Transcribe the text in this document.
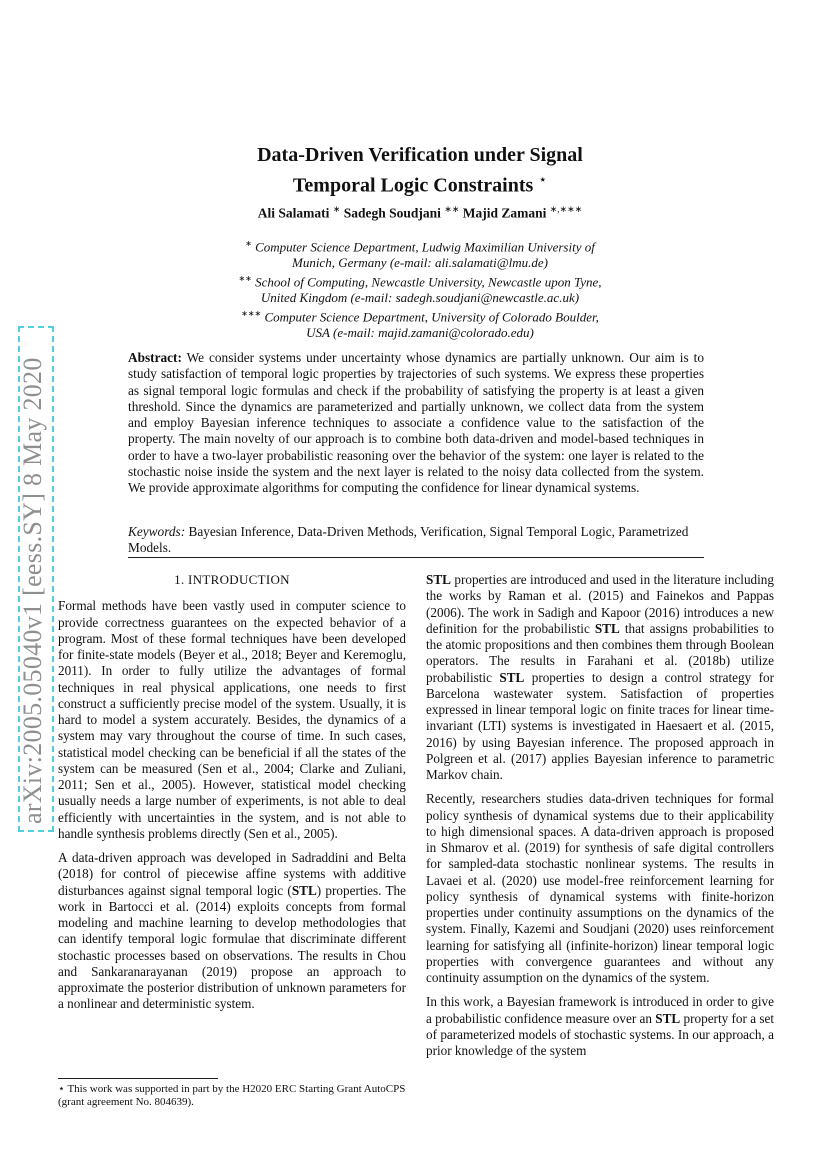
arXiv:2005.05040v1 [eess.SY] 8 May 2020
Data-Driven Verification under Signal
Temporal Logic Constraints ⋆
Ali Salamati ∗ Sadegh Soudjani ∗∗ Majid Zamani ∗,∗∗∗
∗ Computer Science Department, Ludwig Maximilian University of
Munich, Germany (e-mail: ali.salamati@lmu.de)
∗∗ School of Computing, Newcastle University, Newcastle upon Tyne,
United Kingdom (e-mail: sadegh.soudjani@newcastle.ac.uk)
∗∗∗ Computer Science Department, University of Colorado Boulder,
USA (e-mail: majid.zamani@colorado.edu)
Abstract: We consider systems under uncertainty whose dynamics are partially unknown. Our aim is to study satisfaction of temporal logic properties by trajectories of such systems. We express these properties as signal temporal logic formulas and check if the probability of satisfying the property is at least a given threshold. Since the dynamics are parameterized and partially unknown, we collect data from the system and employ Bayesian inference techniques to associate a confidence value to the satisfaction of the property. The main novelty of our approach is to combine both data-driven and model-based techniques in order to have a two-layer probabilistic reasoning over the behavior of the system: one layer is related to the stochastic noise inside the system and the next layer is related to the noisy data collected from the system. We provide approximate algorithms for computing the confidence for linear dynamical systems.
Keywords: Bayesian Inference, Data-Driven Methods, Verification, Signal Temporal Logic, Parametrized Models.
1. INTRODUCTION

Formal methods have been vastly used in computer science to provide correctness guarantees on the expected behavior of a program. Most of these formal techniques have been developed for finite-state models (Beyer et al., 2018; Beyer and Keremoglu, 2011). In order to fully utilize the advantages of formal techniques in real physical applications, one needs to first construct a sufficiently precise model of the system. Usually, it is hard to model a system accurately. Besides, the dynamics of a system may vary throughout the course of time. In such cases, statistical model checking can be beneficial if all the states of the system can be measured (Sen et al., 2004; Clarke and Zuliani, 2011; Sen et al., 2005). However, statistical model checking usually needs a large number of experiments, is not able to deal efficiently with uncertainties in the system, and is not able to handle synthesis problems directly (Sen et al., 2005).

A data-driven approach was developed in Sadraddini and Belta (2018) for control of piecewise affine systems with additive disturbances against signal temporal logic (STL) properties. The work in Bartocci et al. (2014) exploits concepts from formal modeling and machine learning to develop methodologies that can identify temporal logic formulae that discriminate different stochastic processes based on observations. The results in Chou and Sankaranarayanan (2019) propose an approach to approximate the posterior distribution of unknown parameters for a nonlinear and deterministic system.

STL properties are introduced and used in the literature including the works by Raman et al. (2015) and Fainekos and Pappas (2006). The work in Sadigh and Kapoor (2016) introduces a new definition for the probabilistic STL that assigns probabilities to the atomic propositions and then combines them through Boolean operators. The results in Farahani et al. (2018b) utilize probabilistic STL properties to design a control strategy for Barcelona wastewater system. Satisfaction of properties expressed in linear temporal logic on finite traces for linear time-invariant (LTI) systems is investigated in Haesaert et al. (2015, 2016) by using Bayesian inference. The proposed approach in Polgreen et al. (2017) applies Bayesian inference to parametric Markov chain.

Recently, researchers studies data-driven techniques for formal policy synthesis of dynamical systems due to their applicability to high dimensional spaces. A data-driven approach is proposed in Shmarov et al. (2019) for synthesis of safe digital controllers for sampled-data stochastic nonlinear systems. The results in Lavaei et al. (2020) use model-free reinforcement learning for policy synthesis of dynamical systems with finite-horizon properties under continuity assumptions on the dynamics of the system. Finally, Kazemi and Soudjani (2020) uses reinforcement learning for satisfying all (infinite-horizon) linear temporal logic properties with convergence guarantees and without any continuity assumption on the dynamics of the system.

In this work, a Bayesian framework is introduced in order to give a probabilistic confidence measure over an STL property for a set of parameterized models of stochastic systems. In our approach, a prior knowledge of the system

⋆ This work was supported in part by the H2020 ERC Starting Grant AutoCPS (grant agreement No. 804639).
